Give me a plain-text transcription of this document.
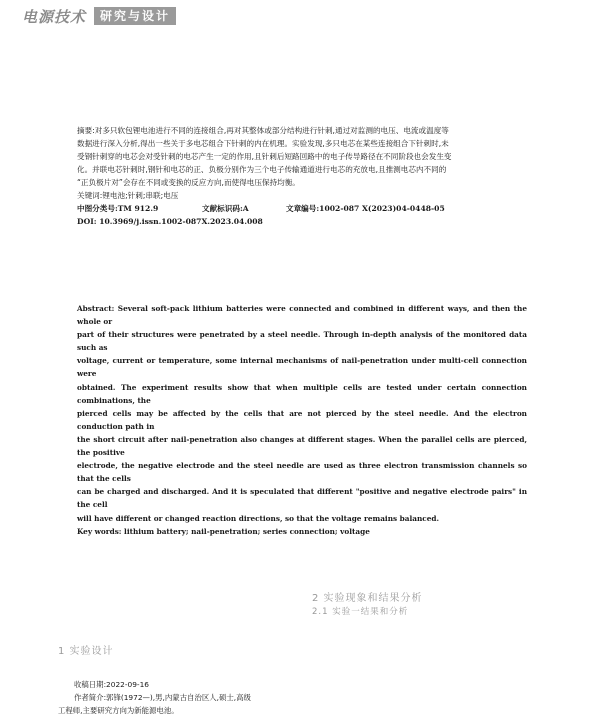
电源技术	研究与设计

摘要:对多只软包锂电池进行不同的连接组合,再对其整体或部分结构进行针刺,通过对监测的电压、电流或温度等

数据进行深入分析,得出一些关于多电芯组合下针刺的内在机理。实验发现,多只电芯在某些连接组合下针刺时,未

受钢针刺穿的电芯会对受针刺的电芯产生一定的作用,且针刺后短路回路中的电子传导路径在不同阶段也会发生变

化。并联电芯针刺时,钢针和电芯的正、负极分别作为三个电子传输通道进行电芯的充放电,且推测电芯内不同的

“正负极片对”会存在不同或变换的反应方向,而使得电压保持均衡。

关键词:锂电池;针刺;串联;电压

中图分类号:TM 912.9	文献标识码:A	文章编号:1002-087 X(2023)04-0448-05

DOI: 10.3969/j.issn.1002-087X.2023.04.008

Abstract: Several soft-pack lithium batteries were connected and combined in different ways, and then the whole or

part of their structures were penetrated by a steel needle. Through in-depth analysis of the monitored data such as

voltage, current or temperature, some internal mechanisms of nail-penetration under multi-cell connection were

obtained. The experiment results show that when multiple cells are tested under certain connection combinations, the

pierced cells may be affected by the cells that are not pierced by the steel needle. And the electron conduction path in

the short circuit after nail-penetration also changes at different stages. When the parallel cells are pierced, the positive

electrode, the negative electrode and the steel needle are used as three electron transmission channels so that the cells

can be charged and discharged. And it is speculated that different "positive and negative electrode pairs" in the cell

will have different or changed reaction directions, so that the voltage remains balanced.

Key words: lithium battery; nail-penetration; series connection; voltage

2 实验现象和结果分析
2.1 实验一结果和分析
1 实验设计

收稿日期:2022-09-16

作者简介:郭锋(1972—),男,内蒙古自治区人,硕士,高级

工程师,主要研究方向为新能源电池。
